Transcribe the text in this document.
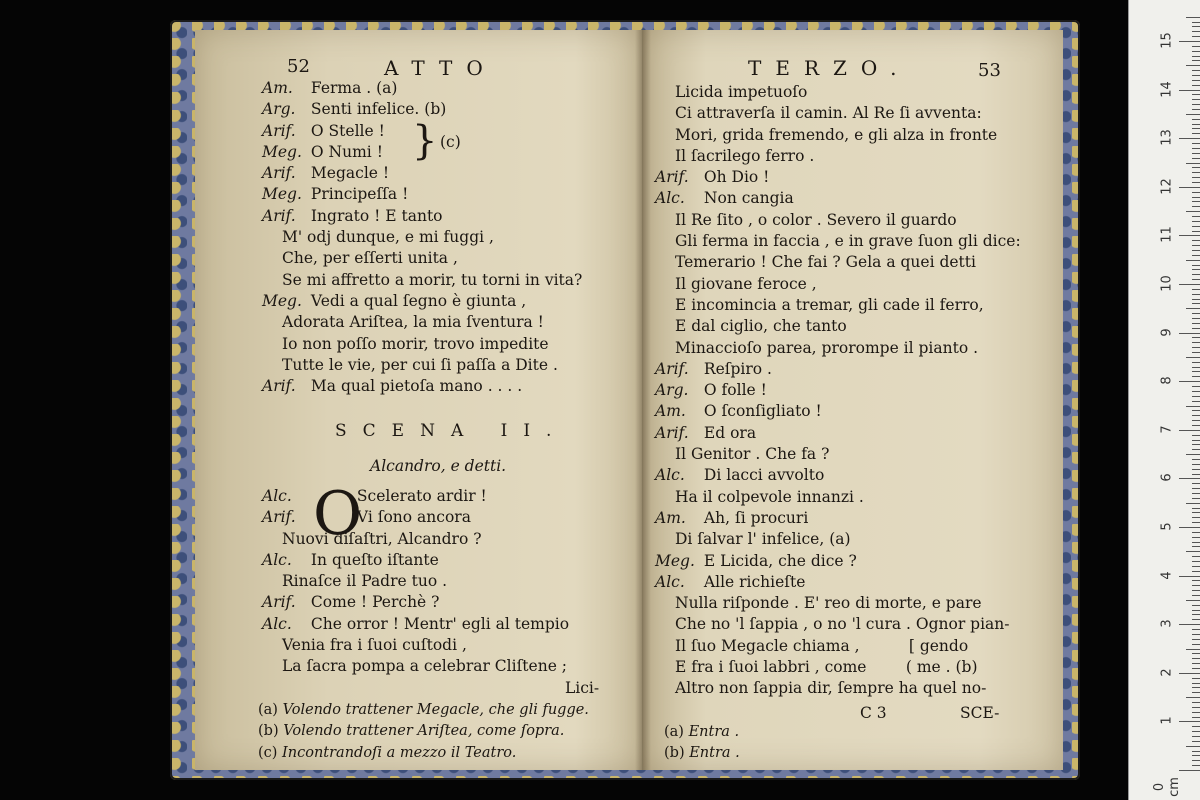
52	ATTO
Am. Ferma . (a)
Arg. Senti infelice. (b)
Arif. O Stelle !
Meg. O Numi !
Arif. Megacle !
Meg. Principeſſa !
Arif. Ingrato ! E tanto
M' odj dunque, e mi fuggi ,
Che, per eſſerti unita ,
Se mi affretto a morir, tu torni in vita?
Meg. Vedi a qual ſegno è giunta ,
Adorata Ariſtea, la mia ſventura !
Io non poſſo morir, trovo impedite
Tutte le vie, per cui ſi paſſa a Dite .
Arif. Ma qual pietoſa mano . . . .
} (c)
SCENA II.
Alcandro, e detti.
O
Alc.	Scelerato ardir !
Arif.	Vi ſono ancora
Nuovi diſaſtri, Alcandro ?
Alc. In queſto iſtante
Rinaſce il Padre tuo .
Arif. Come ! Perchè ?
Alc. Che orror ! Mentr' egli al tempio
Venia fra i ſuoi cuſtodi ,
La ſacra pompa a celebrar Cliſtene ;
Lici-
(a) Volendo trattener Megacle, che gli fugge.
(b) Volendo trattener Ariſtea, come ſopra.
(c) Incontrandoſi a mezzo il Teatro.
TERZO.	53
Licida impetuoſo
Ci attraverſa il camin. Al Re ſi avventa:
Mori, grida fremendo, e gli alza in fronte
Il ſacrilego ferro .
Arif. Oh Dio !
Alc. Non cangia
Il Re ſito , o color . Severo il guardo
Gli ferma in faccia , e in grave ſuon gli dice:
Temerario ! Che fai ? Gela a quei detti
Il giovane feroce ,
E incomincia a tremar, gli cade il ferro,
E dal ciglio, che tanto
Minaccioſo parea, prorompe il pianto .
Arif. Reſpiro .
Arg. O folle !
Am. O ſconſigliato !
Arif. Ed ora
Il Genitor . Che fa ?
Alc. Di lacci avvolto
Ha il colpevole innanzi .
Am. Ah, ſi procuri
Di ſalvar l' infelice, (a)
Meg. E Licida, che dice ?
Alc. Alle richieſte
Nulla riſponde . E' reo di morte, e pare
Che no 'l ſappia , o no 'l cura . Ognor pian-
Il ſuo Megacle chiama ,          [ gendo
E fra i ſuoi labbri , come        ( me . (b)
Altro non ſappia dir, ſempre ha quel no-
C 3	SCE-
(a) Entra .
(b) Entra .
0 cm
1
2
3
4
5
6
7
8
9
10
11
12
13
14
15
